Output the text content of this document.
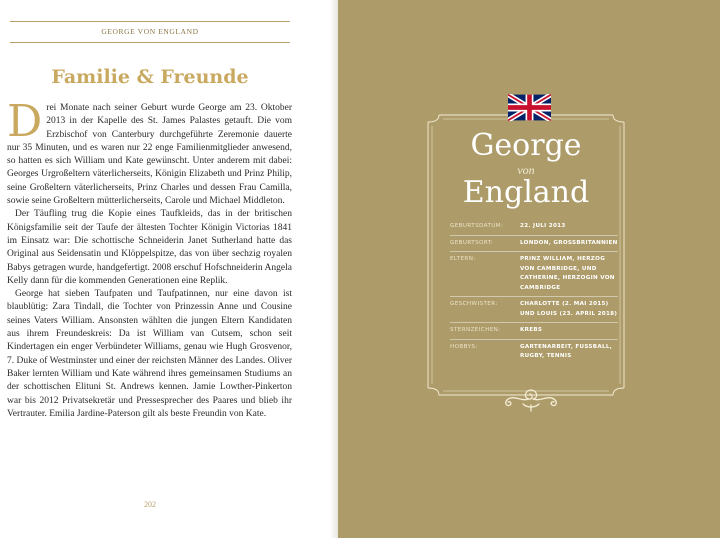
GEORGE VON ENGLAND
Familie & Freunde

Drei Monate nach seiner Geburt wurde George am 23. Oktober 2013 in der Kapelle des St. James Palastes getauft. Die vom Erzbischof von Canterbury durchgeführte Zeremonie dauerte nur 35 Minuten, und es waren nur 22 enge Familienmitglieder anwesend, so hatten es sich William und Kate gewünscht. Unter anderem mit dabei: Georges Urgroßeltern väterlicherseits, Königin Elizabeth und Prinz Philip, seine Großeltern väterlicherseits, Prinz Charles und dessen Frau Camilla, sowie seine Großeltern mütterlicherseits, Carole und Michael Middleton.

Der Täufling trug die Kopie eines Taufkleids, das in der britischen Königsfamilie seit der Taufe der ältesten Tochter Königin Victorias 1841 im Einsatz war: Die schottische Schneiderin Janet Sutherland hatte das Original aus Seidensatin und Klöppelspitze, das von über sechzig royalen Babys getragen wurde, handgefertigt. 2008 erschuf Hofschneiderin Angela Kelly dann für die kommenden Generationen eine Replik.

George hat sieben Taufpaten und Taufpatinnen, nur eine davon ist blaublütig: Zara Tindall, die Tochter von Prinzessin Anne und Cousine seines Vaters William. Ansonsten wählten die jungen Eltern Kandidaten aus ihrem Freundeskreis: Da ist William van Cutsem, schon seit Kindertagen ein enger Verbündeter Williams, genau wie Hugh Grosvenor, 7. Duke of Westminster und einer der reichsten Männer des Landes. Oliver Baker lernten William und Kate während ihres gemeinsamen Studiums an der schottischen Elituni St. Andrews kennen. Jamie Lowther-Pinkerton war bis 2012 Privatsekretär und Pressesprecher des Paares und blieb ihr Vertrauter. Emilia Jardine-Paterson gilt als beste Freundin von Kate.

202
George
von
England
GEBURTSDATUM:	22. JULI 2013
GEBURTSORT:	LONDON, GROSSBRITANNIEN
ELTERN:	PRINZ WILLIAM, HERZOG VON CAMBRIDGE, UND CATHERINE, HERZOGIN VON CAMBRIDGE
GESCHWISTER:	CHARLOTTE (2. MAI 2015) UND LOUIS (23. APRIL 2018)
STERNZEICHEN:	KREBS
HOBBYS:	GARTENARBEIT, FUSSBALL, RUGBY, TENNIS
